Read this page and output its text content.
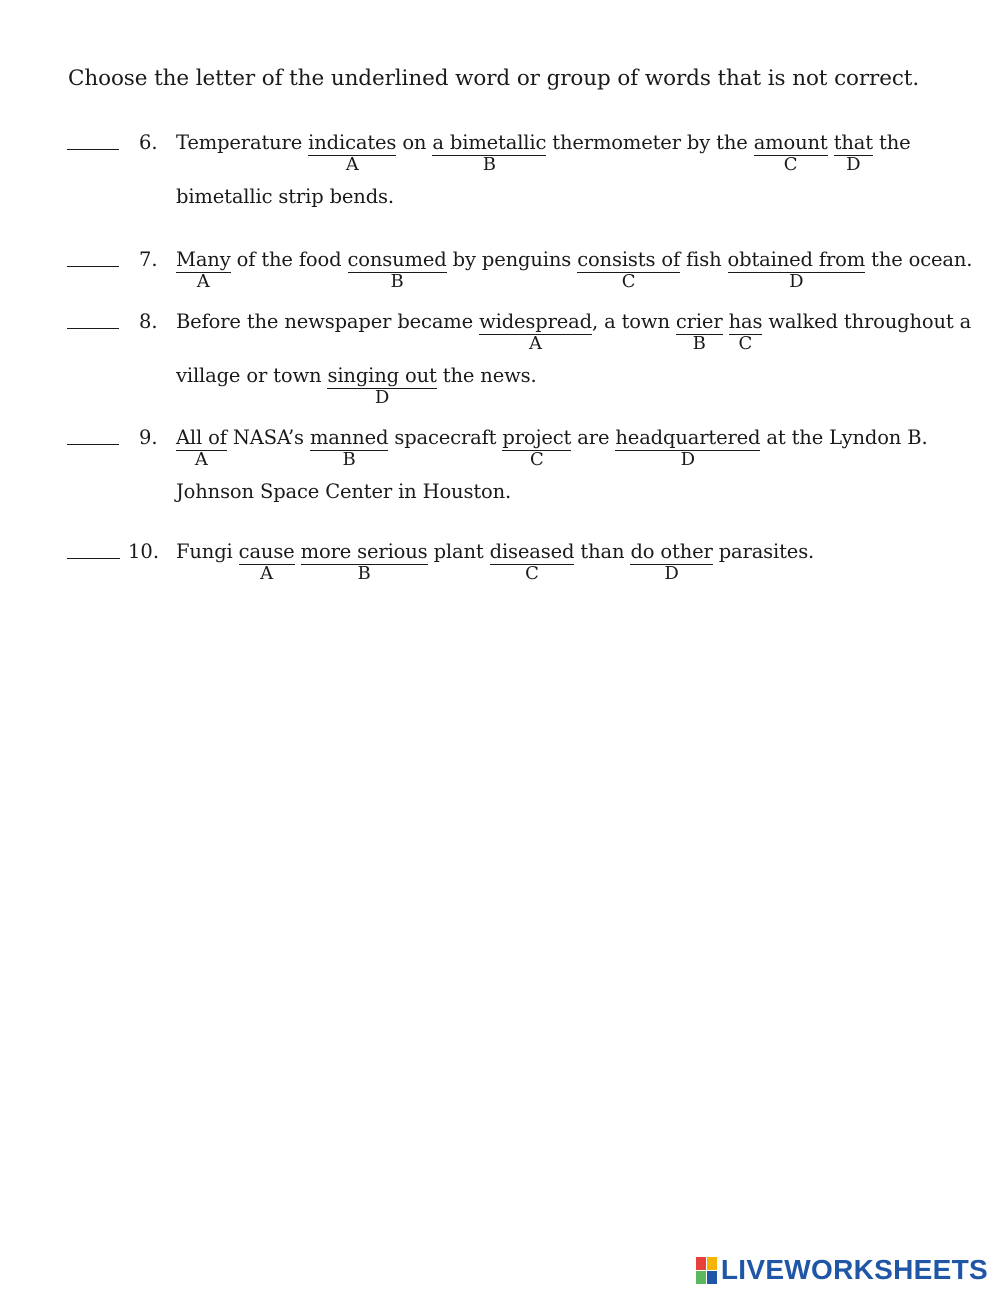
Choose the letter of the underlined word or group of words that is not correct.
6. Temperature indicates
A
on a bimetallic
B
thermometer by the amount
C
that
D
the
bimetallic strip bends.
7. Many
A
of the food consumed
B
by penguins consists of
C
fish obtained from
D
the ocean.
8. Before the newspaper became widespread
A
, a town crier
B
has
C
walked throughout a
village or town singing out
D
the news.
9. All of
A
NASA’s manned
B
spacecraft project
C
are headquartered
D
at the Lyndon B.
Johnson Space Center in Houston.
10. Fungi cause
A
more serious
B
plant diseased
C
than do other
D
parasites.
LIVEWORKSHEETS
